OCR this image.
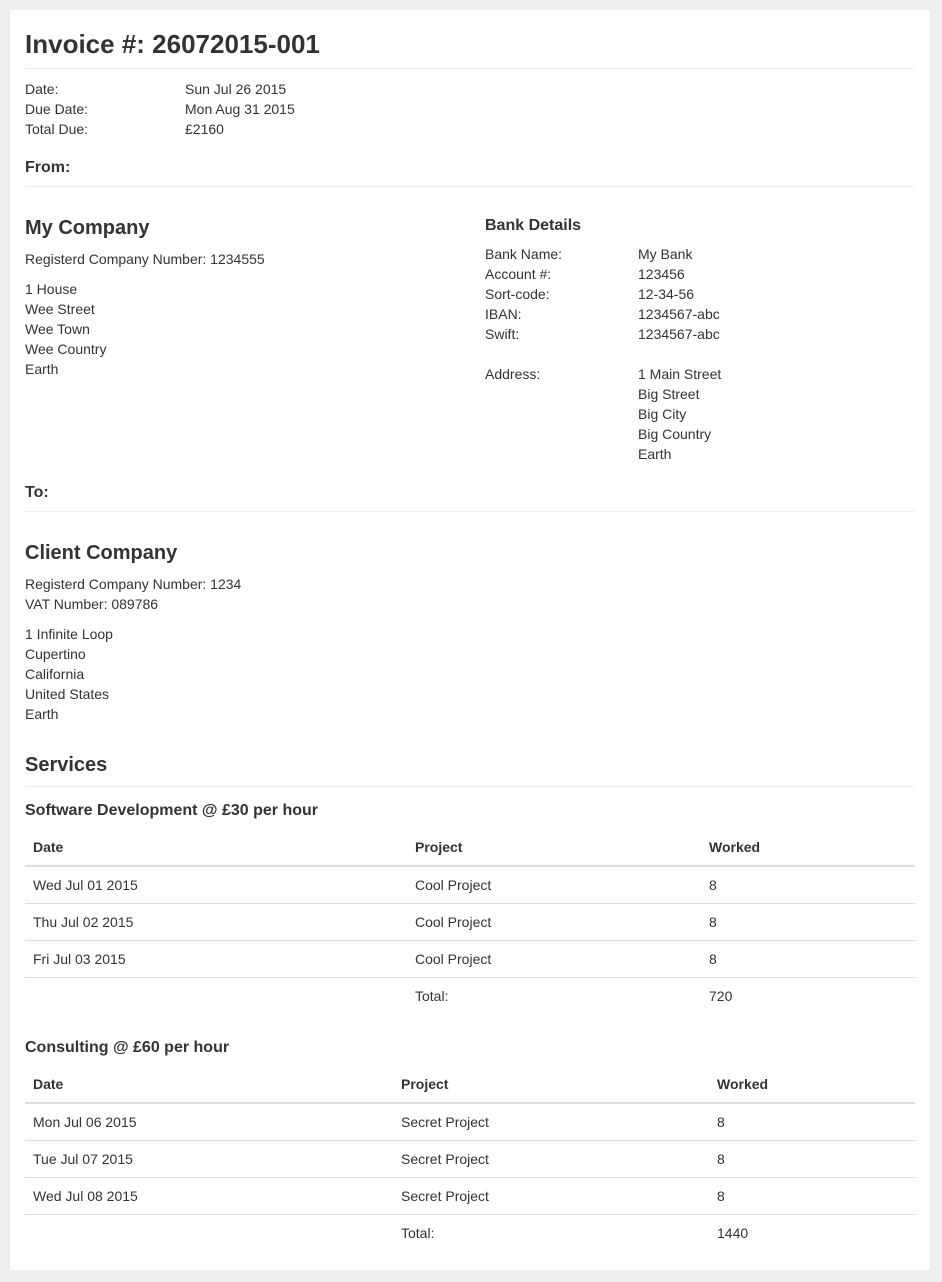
Invoice #: 26072015-001
Date:	Sun Jul 26 2015
Due Date:	Mon Aug 31 2015
Total Due:	£2160
From:
My Company
Registerd Company Number: 1234555
1 House
Wee Street
Wee Town
Wee Country
Earth
Bank Details
Bank Name:	My Bank
Account #:	123456
Sort-code:	12-34-56
IBAN:	1234567-abc
Swift:	1234567-abc
Address:	1 Main Street
Big Street
Big City
Big Country
Earth
To:
Client Company
Registerd Company Number: 1234
VAT Number: 089786
1 Infinite Loop
Cupertino
California
United States
Earth
Services
Software Development @ £30 per hour
Date	Project	Worked
Wed Jul 01 2015	Cool Project	8
Thu Jul 02 2015	Cool Project	8
Fri Jul 03 2015	Cool Project	8
	Total:	720
Consulting @ £60 per hour
Date	Project	Worked
Mon Jul 06 2015	Secret Project	8
Tue Jul 07 2015	Secret Project	8
Wed Jul 08 2015	Secret Project	8
	Total:	1440
